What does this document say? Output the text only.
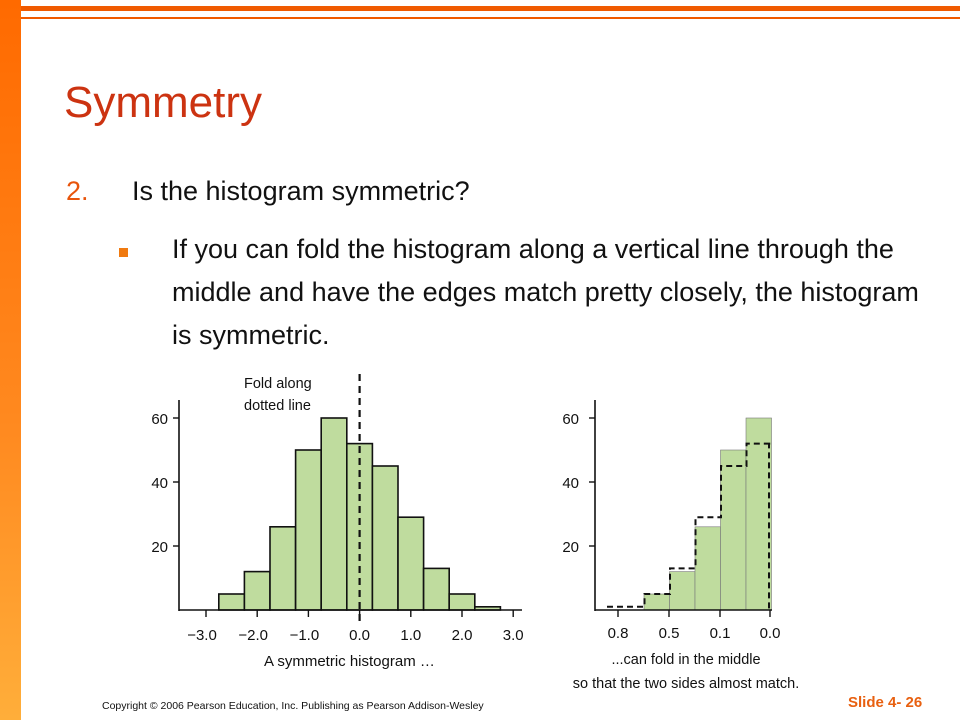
Symmetry
2. Is the histogram symmetric?
If you can fold the histogram along a vertical line through the middle and have the edges match pretty closely, the histogram is symmetric.
20
40
60
−3.0 −2.0 −1.0 0.0 1.0 2.0 3.0
Fold along
dotted line
A symmetric histogram …
20
40
60
0.8 0.5 0.1 0.0
...can fold in the middle
so that the two sides almost match.
Copyright © 2006 Pearson Education, Inc. Publishing as Pearson Addison-Wesley	Slide 4- 26
